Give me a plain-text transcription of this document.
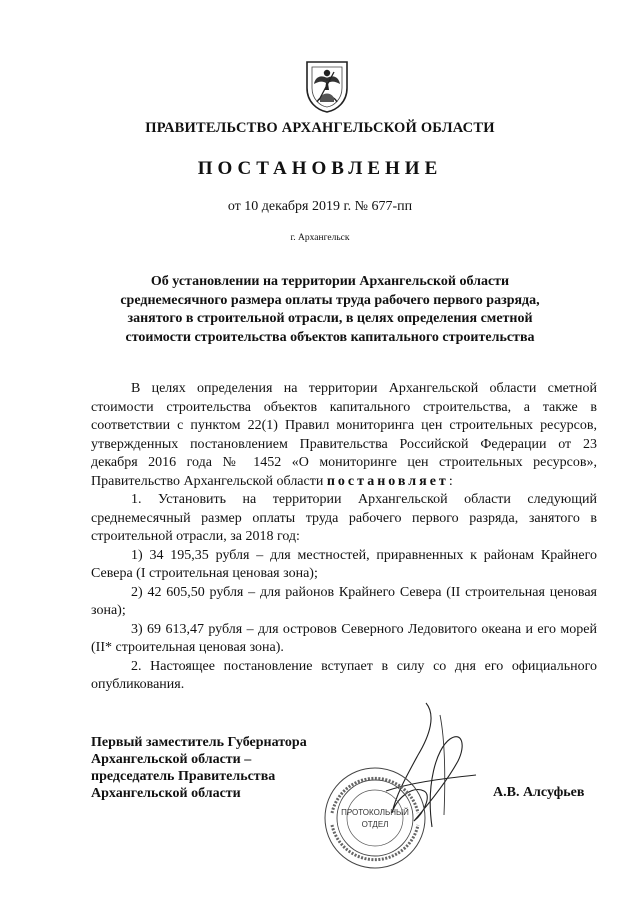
ПРАВИТЕЛЬСТВО АРХАНГЕЛЬСКОЙ ОБЛАСТИ
ПОСТАНОВЛЕНИЕ
от 10 декабря 2019 г. № 677-пп
г. Архангельск
Об установлении на территории Архангельской области среднемесячного размера оплаты труда рабочего первого разряда, занятого в строительной отрасли, в целях определения сметной стоимости строительства объектов капитального строительства

В целях определения на территории Архангельской области сметной стоимости строительства объектов капитального строительства, а также в соответствии с пунктом 22(1) Правил мониторинга цен строительных ресурсов, утвержденных постановлением Правительства Российской Федерации от 23 декабря 2016 года № 1452 «О мониторинге цен строительных ресурсов», Правительство Архангельской области постановляет:

1. Установить на территории Архангельской области следующий среднемесячный размер оплаты труда рабочего первого разряда, занятого в строительной отрасли, за 2018 год:

1) 34 195,35 рубля – для местностей, приравненных к районам Крайнего Севера (I строительная ценовая зона);

2) 42 605,50 рубля – для районов Крайнего Севера (II строительная ценовая зона);

3) 69 613,47 рубля – для островов Северного Ледовитого океана и его морей (II* строительная ценовая зона).

2. Настоящее постановление вступает в силу со дня его официального опубликования.

Первый заместитель Губернатора
Архангельской области –
председатель Правительства
Архангельской области	А.В. Алсуфьев
ПРОТОКОЛЬНЫЙ
ОТДЕЛ
